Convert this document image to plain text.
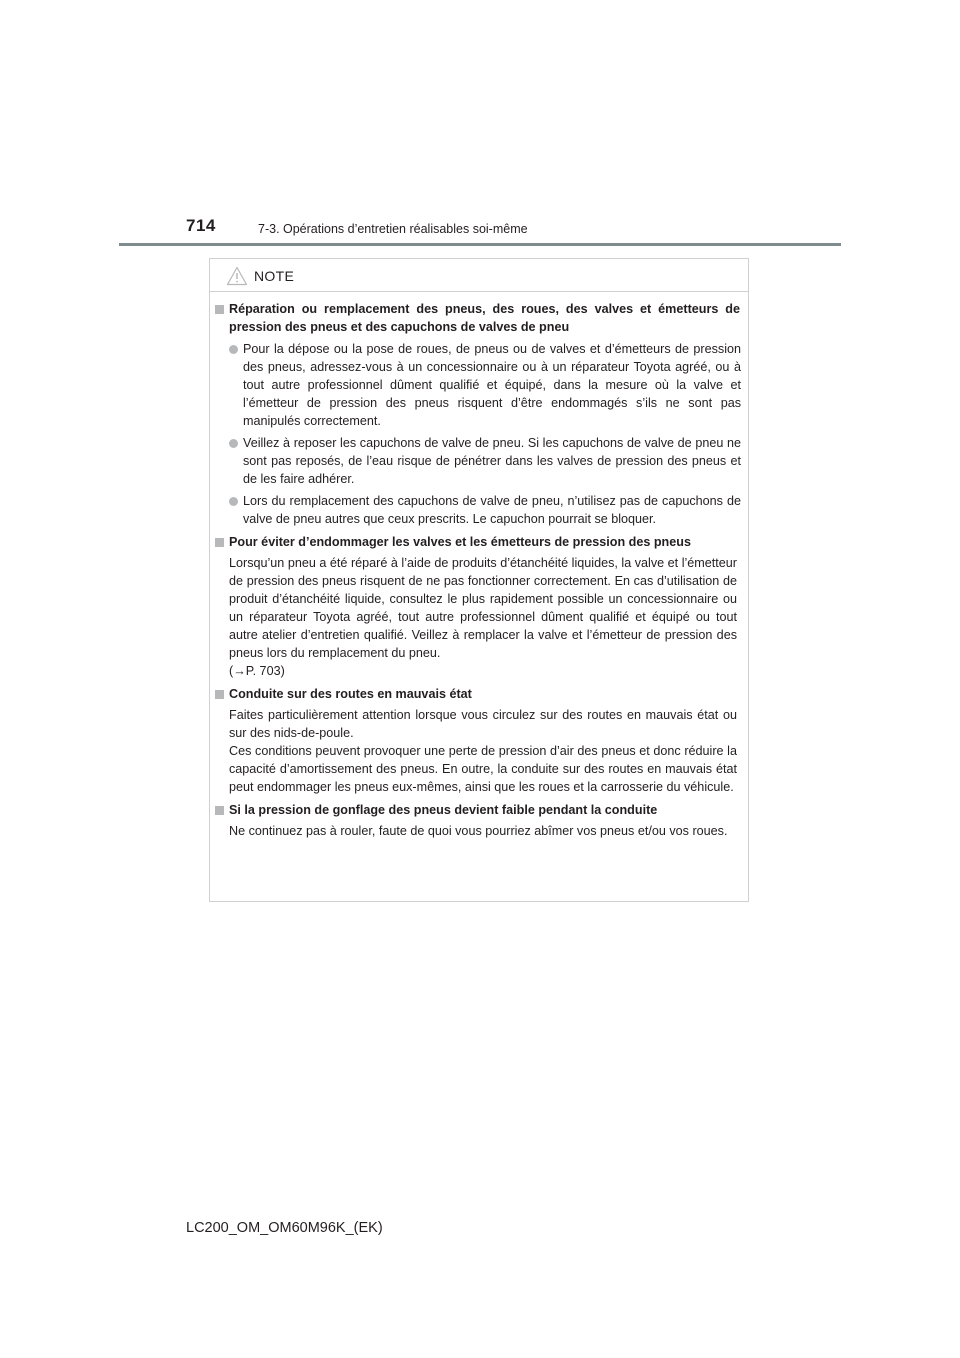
714	7-3. Opérations d’entretien réalisables soi-même
NOTE
Réparation ou remplacement des pneus, des roues, des valves et émetteurs de pression des pneus et des capuchons de valves de pneu
Pour la dépose ou la pose de roues, de pneus ou de valves et d’émetteurs de pression des pneus, adressez-vous à un concessionnaire ou à un réparateur Toyota agréé, ou à tout autre professionnel dûment qualifié et équipé, dans la mesure où la valve et l’émetteur de pression des pneus risquent d’être endommagés s’ils ne sont pas manipulés correctement.
Veillez à reposer les capuchons de valve de pneu. Si les capuchons de valve de pneu ne sont pas reposés, de l’eau risque de pénétrer dans les valves de pression des pneus et de les faire adhérer.
Lors du remplacement des capuchons de valve de pneu, n’utilisez pas de capuchons de valve de pneu autres que ceux prescrits. Le capuchon pourrait se bloquer.
Pour éviter d’endommager les valves et les émetteurs de pression des pneus
Lorsqu’un pneu a été réparé à l’aide de produits d’étanchéité liquides, la valve et l’émetteur de pression des pneus risquent de ne pas fonctionner correctement. En cas d’utilisation de produit d’étanchéité liquide, consultez le plus rapidement possible un concessionnaire ou un réparateur Toyota agréé, tout autre professionnel dûment qualifié et équipé ou tout autre atelier d’entretien qualifié. Veillez à remplacer la valve et l’émetteur de pression des pneus lors du remplacement du pneu.
(→P. 703)
Conduite sur des routes en mauvais état
Faites particulièrement attention lorsque vous circulez sur des routes en mauvais état ou sur des nids-de-poule.
Ces conditions peuvent provoquer une perte de pression d’air des pneus et donc réduire la capacité d’amortissement des pneus. En outre, la conduite sur des routes en mauvais état peut endommager les pneus eux-mêmes, ainsi que les roues et la carrosserie du véhicule.
Si la pression de gonflage des pneus devient faible pendant la conduite
Ne continuez pas à rouler, faute de quoi vous pourriez abîmer vos pneus et/ou vos roues.
LC200_OM_OM60M96K_(EK)
